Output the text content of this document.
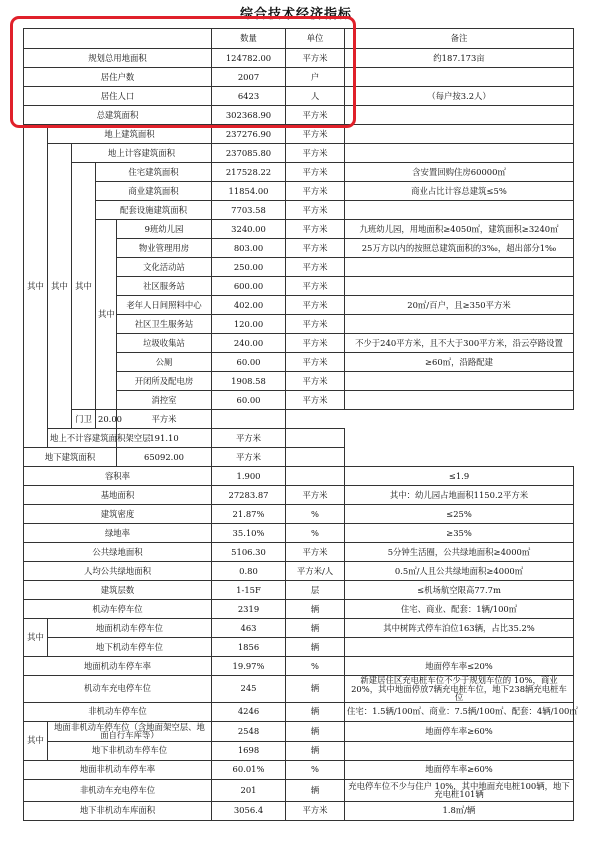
综合技术经济指标
					数量	单位	备注
规划总用地面积					124782.00	平方米	约187.173亩
居住户数					2007	户	
居住人口					6423	人	（每户按3.2人）
总建筑面积					302368.90	平方米	
其中	地上建筑面积				237276.90	平方米	
	其中	地上计容建筑面积			237085.80	平方米	
		其中	住宅建筑面积		217528.22	平方米	含安置回购住房60000㎡
			商业建筑面积		11854.00	平方米	商业占比计容总建筑≤5%
			配套设施建筑面积		7703.58	平方米	
			其中	9班幼儿园	3240.00	平方米	九班幼儿园，用地面积≥4050㎡，建筑面积≥3240㎡
				物业管理用房	803.00	平方米	25万方以内的按照总建筑面积的3‰，超出部分1‰
				文化活动站	250.00	平方米	
				社区服务站	600.00	平方米	
				老年人日间照料中心	402.00	平方米	20㎡/百户，且≥350平方米
				社区卫生服务站	120.00	平方米	
				垃圾收集站	240.00	平方米	不少于240平方米，且不大于300平方米，沿云亭路设置
				公厕	60.00	平方米	≥60㎡，沿路配建
				开闭所及配电房	1908.58	平方米	
				消控室	60.00	平方米	
		门卫	20.00	平方米			
	地上不计容建筑面积架空层			191.10	平方米		
地下建筑面积				65092.00	平方米		
容积率					1.900		≤1.9
基地面积					27283.87	平方米	其中：幼儿园占地面积1150.2平方米
建筑密度					21.87%	%	≤25%
绿地率					35.10%	%	≥35%
公共绿地面积					5106.30	平方米	5分钟生活圈，公共绿地面积≥4000㎡
人均公共绿地面积					0.80	平方米/人	0.5㎡/人且公共绿地面积≥4000㎡
建筑层数					1-15F	层	≤机场航空限高77.7m
机动车停车位					2319	辆	住宅、商业、配套：1辆/100㎡
其中	地面机动车停车位				463	辆	其中树阵式停车泊位163辆，占比35.2%
	地下机动车停车位				1856	辆	
地面机动车停车率					19.97%	%	地面停车率≤20%
机动车充电停车位					245	辆	新建居住区充电桩车位不少于规划车位的 10%，商业20%，其中地面停放7辆充电桩车位，地下238辆充电桩车位
非机动车停车位					4246	辆	住宅：1.5辆/100㎡、商业：7.5辆/100㎡、配套：4辆/100㎡
其中	地面非机动车停车位（含地面架空层、地面自行车库等）				2548	辆	地面停车率≥60%
	地下非机动车停车位				1698	辆	
地面非机动车停车率					60.01%	%	地面停车率≥60%
非机动车充电停车位					201	辆	充电停车位不少与住户 10%，其中地面充电桩100辆，地下充电桩101辆
地下非机动车库面积					3056.4	平方米	1.8㎡/辆
